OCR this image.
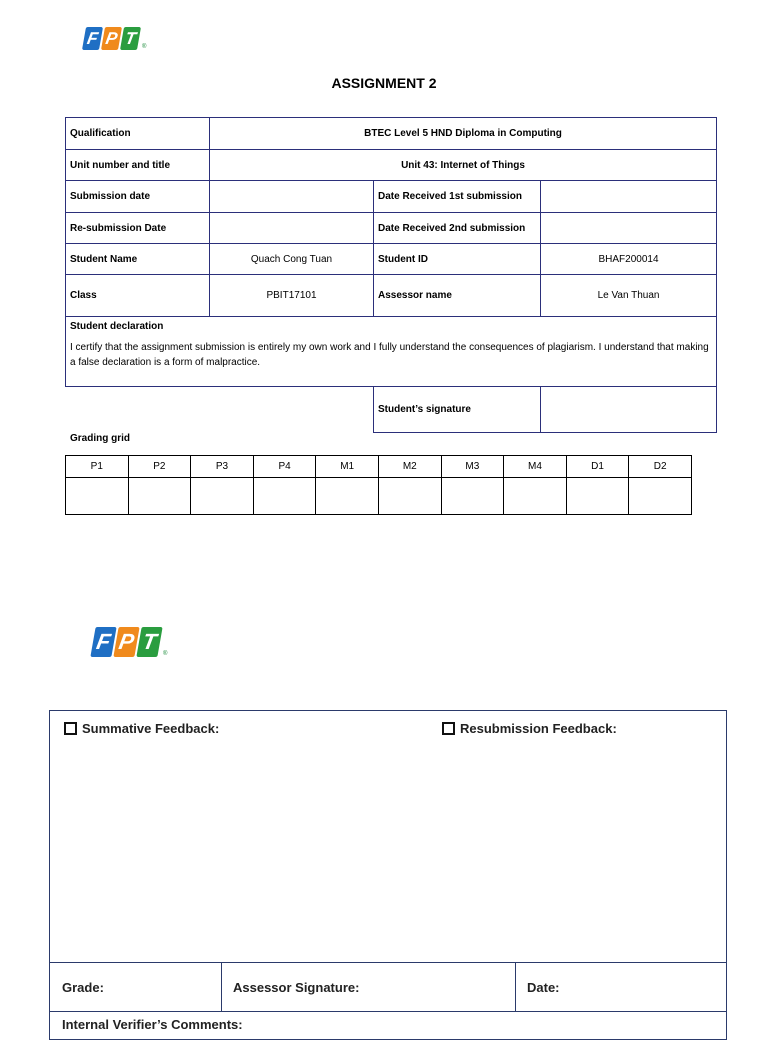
F P T ®
ASSIGNMENT 2
Qualification	BTEC Level 5 HND Diploma in Computing		
Unit number and title	Unit 43: Internet of Things		
Submission date		Date Received 1st submission	
Re-submission Date		Date Received 2nd submission	
Student Name	Quach Cong Tuan	Student ID	BHAF200014
Class	PBIT17101	Assessor name	Le Van Thuan

Student declaration
I certify that the assignment submission is entirely my own work and I fully understand the consequences of plagiarism. I understand that making a false declaration is a form of malpractice.			

		Student’s signature	
Grading grid
P1	P2	P3	P4	M1	M2	M3	M4	D1	D2

F P T ®
Summative Feedback:	Resubmission Feedback:
Grade:	Assessor Signature:	Date:
Internal Verifier’s Comments:
